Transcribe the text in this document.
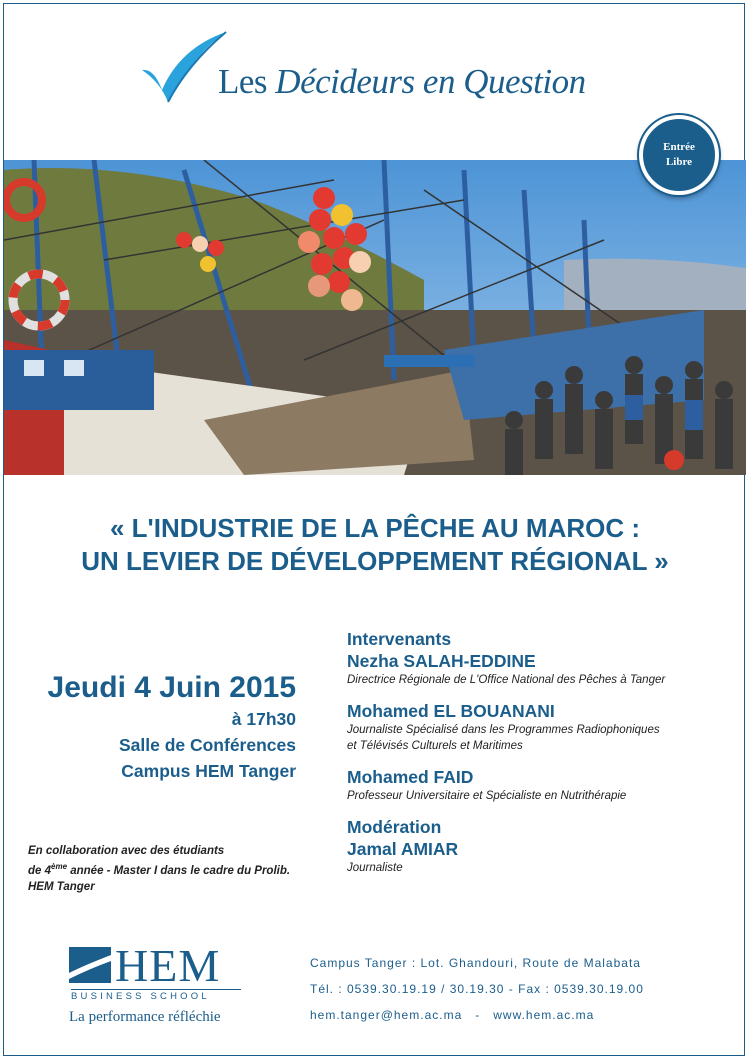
Les Décideurs en Question
Entrée
Libre
« L'INDUSTRIE DE LA PÊCHE AU MAROC :
UN LEVIER DE DÉVELOPPEMENT RÉGIONAL »
Jeudi 4 Juin 2015
à 17h30
Salle de Conférences
Campus HEM Tanger
En collaboration avec des étudiants
de 4ème année - Master I dans le cadre du Prolib.
HEM Tanger
Intervenants
Nezha SALAH-EDDINE
Directrice Régionale de L'Office National des Pêches à Tanger
Mohamed EL BOUANANI
Journaliste Spécialisé dans les Programmes Radiophoniques
et Télévisés Culturels et Maritimes
Mohamed FAID
Professeur Universitaire et Spécialiste en Nutrithérapie
Modération
Jamal AMIAR
Journaliste
HEM
BUSINESS SCHOOL
La performance réfléchie
Campus Tanger : Lot. Ghandouri, Route de Malabata
Tél. : 0539.30.19.19 / 30.19.30 - Fax : 0539.30.19.00
hem.tanger@hem.ac.ma   -   www.hem.ac.ma
